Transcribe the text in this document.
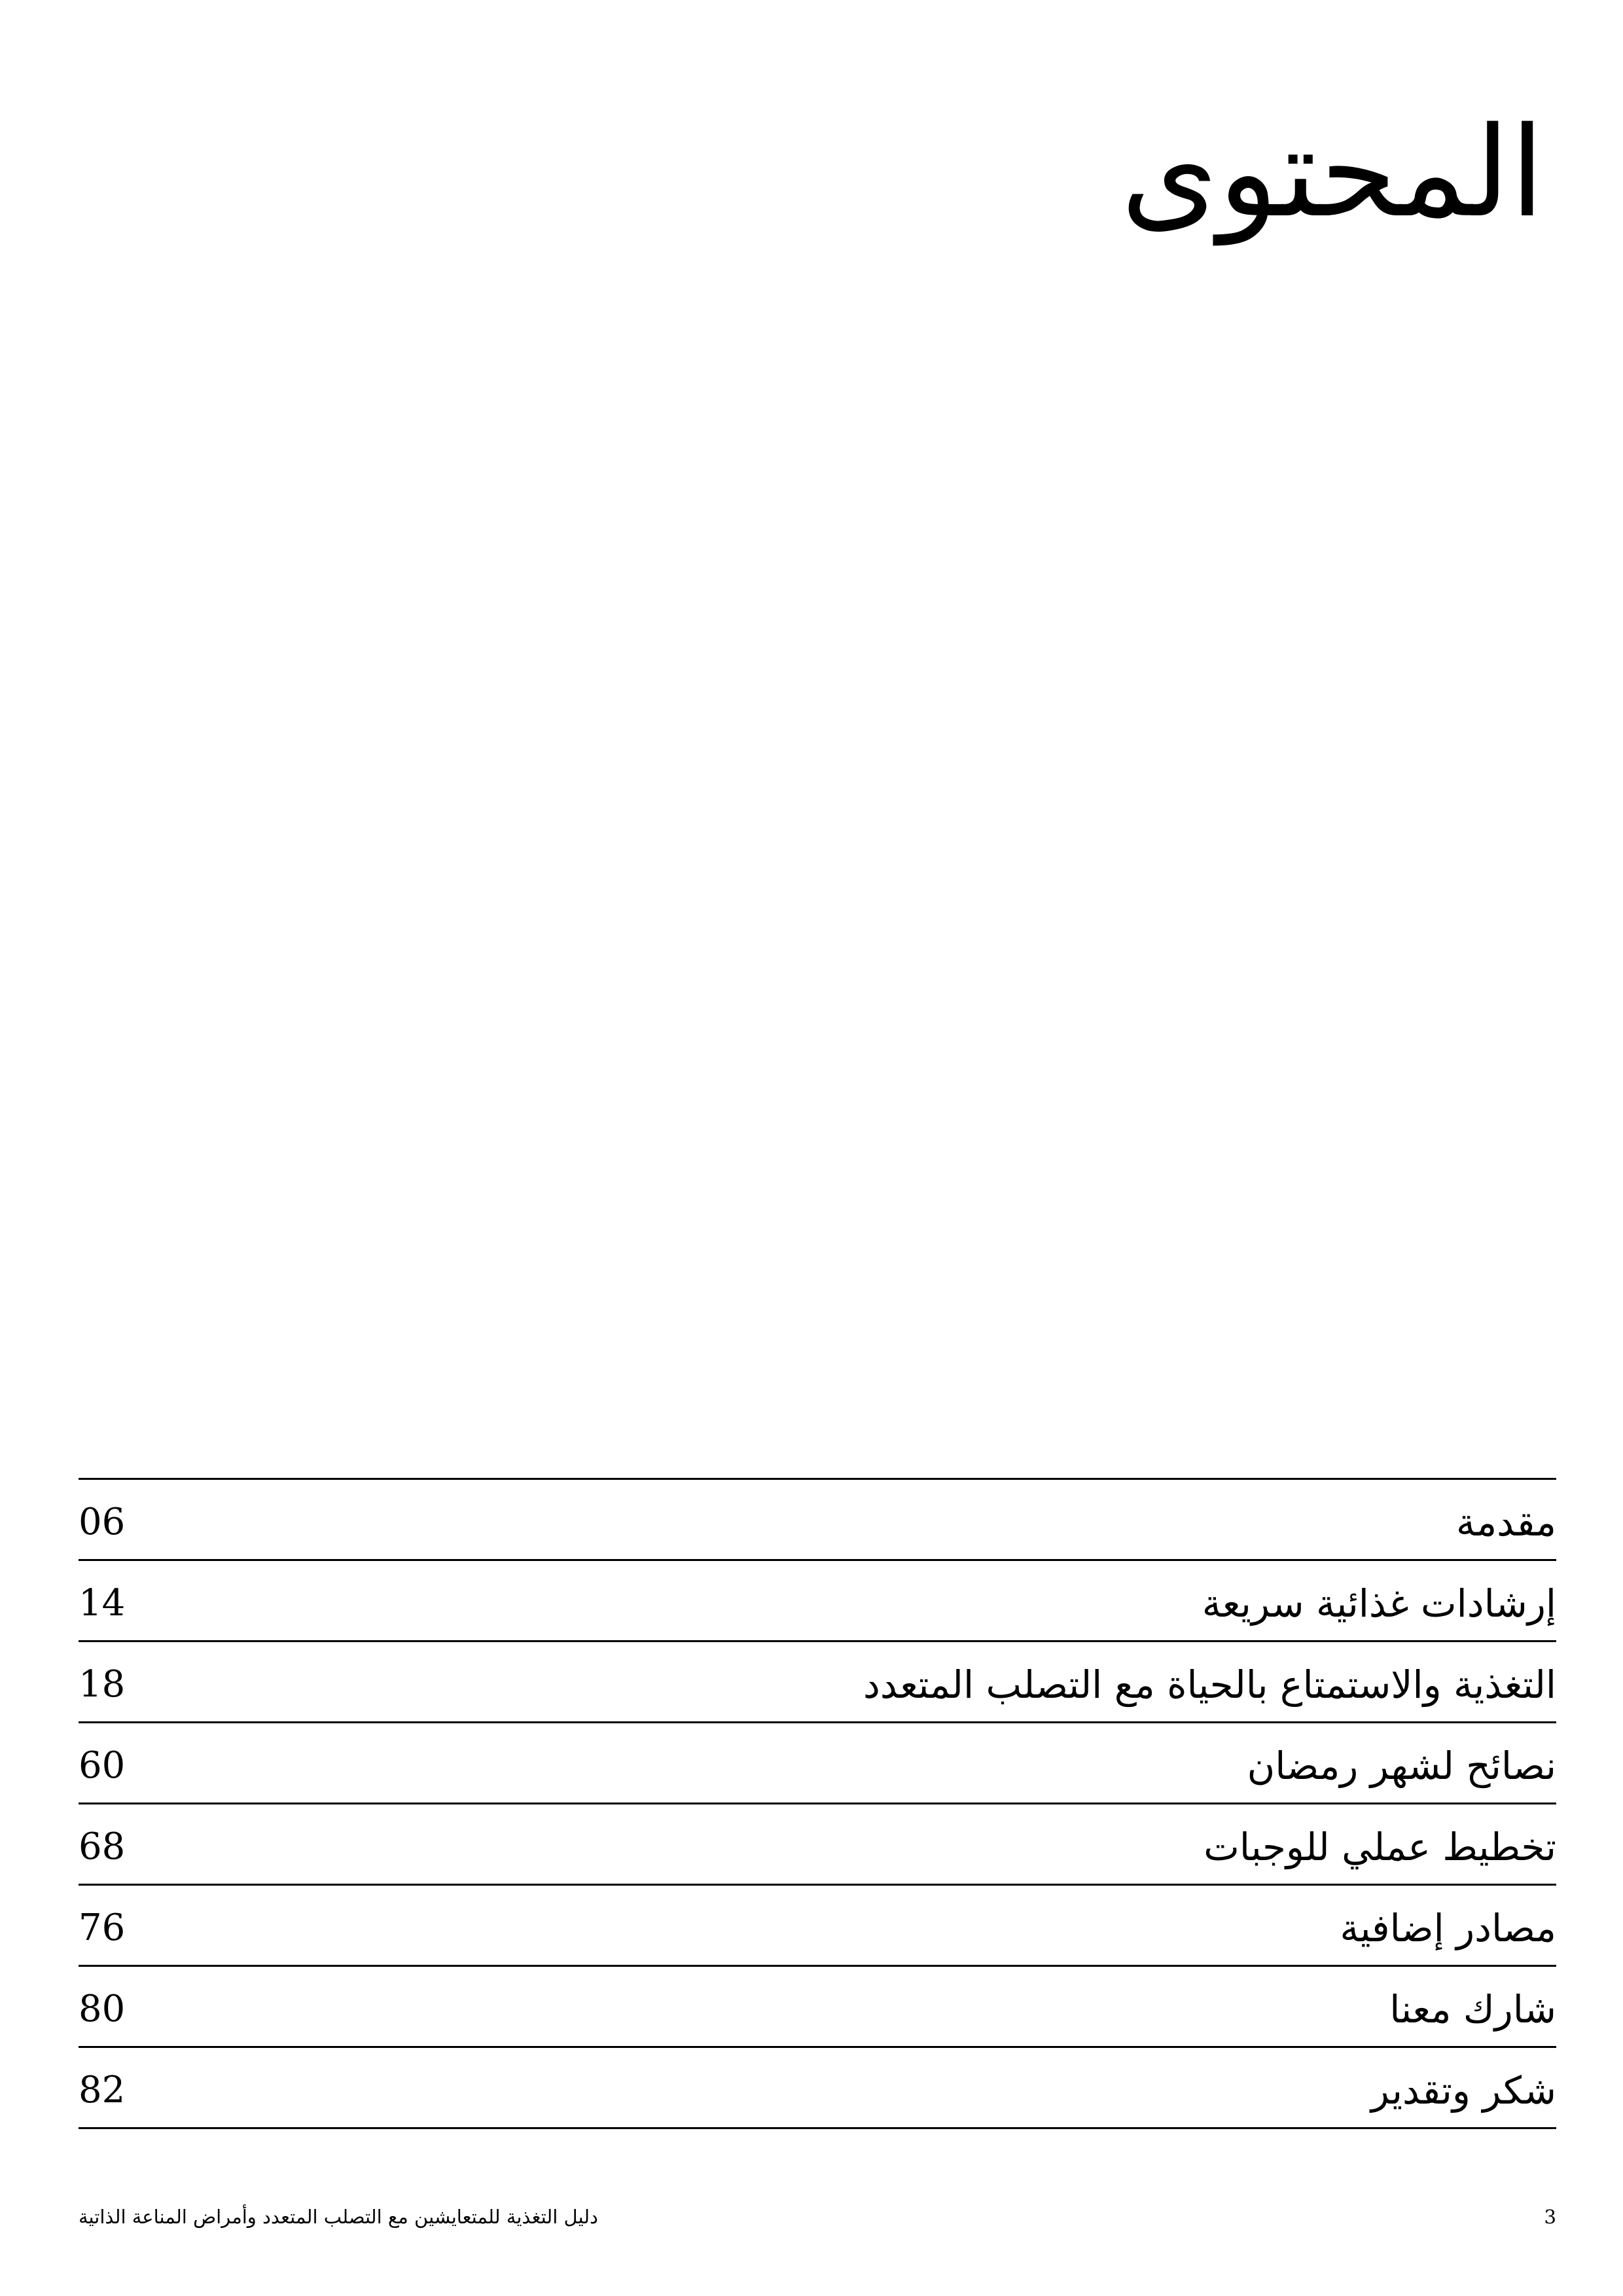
المحتوى
06	مقدمة
14	إرشادات غذائية سريعة
18	التغذية والاستمتاع بالحياة مع التصلب المتعدد
60	نصائح لشهر رمضان
68	تخطيط عملي للوجبات
76	مصادر إضافية
80	شارك معنا
82	شكر وتقدير
دليل التغذية للمتعايشين مع التصلب المتعدد وأمراض المناعة الذاتية	3
